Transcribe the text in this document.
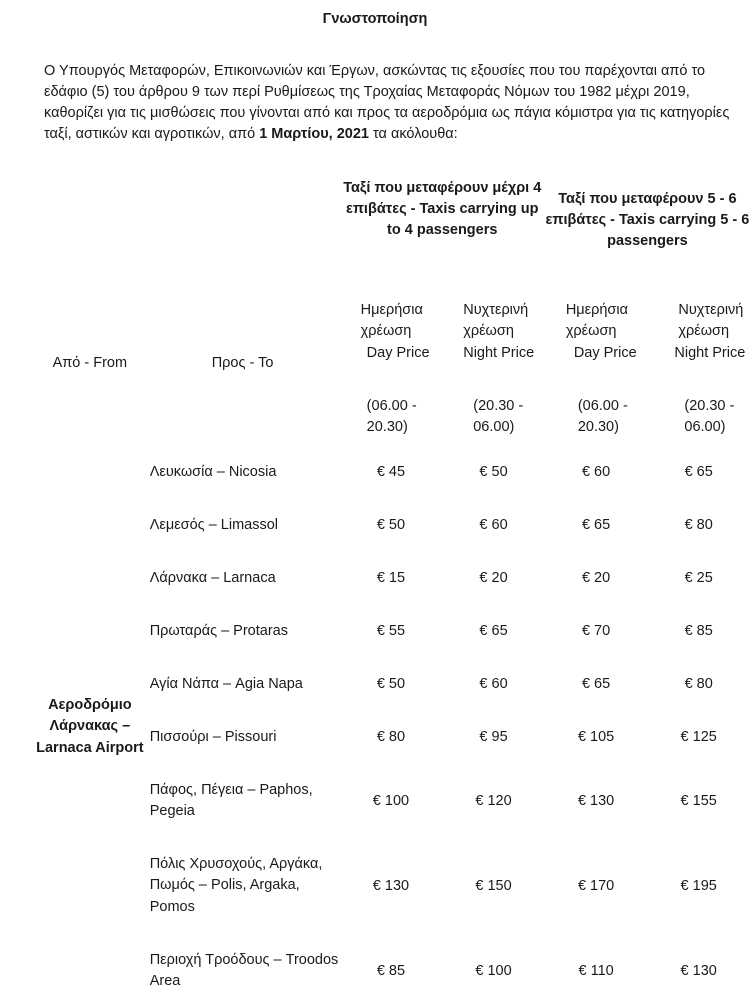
Γνωστοποίηση

Ο Υπουργός Μεταφορών, Επικοινωνιών και Έργων, ασκώντας τις εξουσίες που του παρέχονται από το εδάφιο (5) του άρθρου 9 των περί Ρυθμίσεως της Τροχαίας Μεταφοράς Νόμων του 1982 μέχρι 2019, καθορίζει για τις μισθώσεις που γίνονται από και προς τα αεροδρόμια ως πάγια κόμιστρα για τις κατηγορίες ταξί, αστικών και αγροτικών, από 1 Μαρτίου, 2021 τα ακόλουθα:

		Ταξί που μεταφέρουν μέχρι 4 επιβάτες - Taxis carrying up to 4 passengers		Ταξί που μεταφέρουν 5 - 6 επιβάτες - Taxis carrying 5 - 6 passengers	
Από - From	Προς - Το	Ημερήσια
χρέωση
Day Price
(06.00 - 20.30)	Νυχτερινή
χρέωση
Night Price
(20.30 - 06.00)	Ημερήσια
χρέωση
Day Price
(06.00 - 20.30)	Νυχτερινή
χρέωση
Night Price
(20.30 - 06.00)

Αεροδρόμιο Λάρνακας – Larnaca Airport	Λευκωσία – Nicosia	€ 45	€ 50	€ 60	€ 65
	Λεμεσός – Limassol	€ 50	€ 60	€ 65	€ 80
	Λάρνακα – Larnaca	€ 15	€ 20	€ 20	€ 25
	Πρωταράς – Protaras	€ 55	€ 65	€ 70	€ 85
	Αγία Νάπα – Agia Napa	€ 50	€ 60	€ 65	€ 80
	Πισσούρι – Pissouri	€ 80	€ 95	€ 105	€ 125
	Πάφος, Πέγεια – Paphos, Pegeia	€ 100	€ 120	€ 130	€ 155
	Πόλις Χρυσοχούς, Αργάκα, Πωμός – Polis, Argaka, Pomos	€ 130	€ 150	€ 170	€ 195
	Περιοχή Τροόδους – Troodos Area	€ 85	€ 100	€ 110	€ 130
